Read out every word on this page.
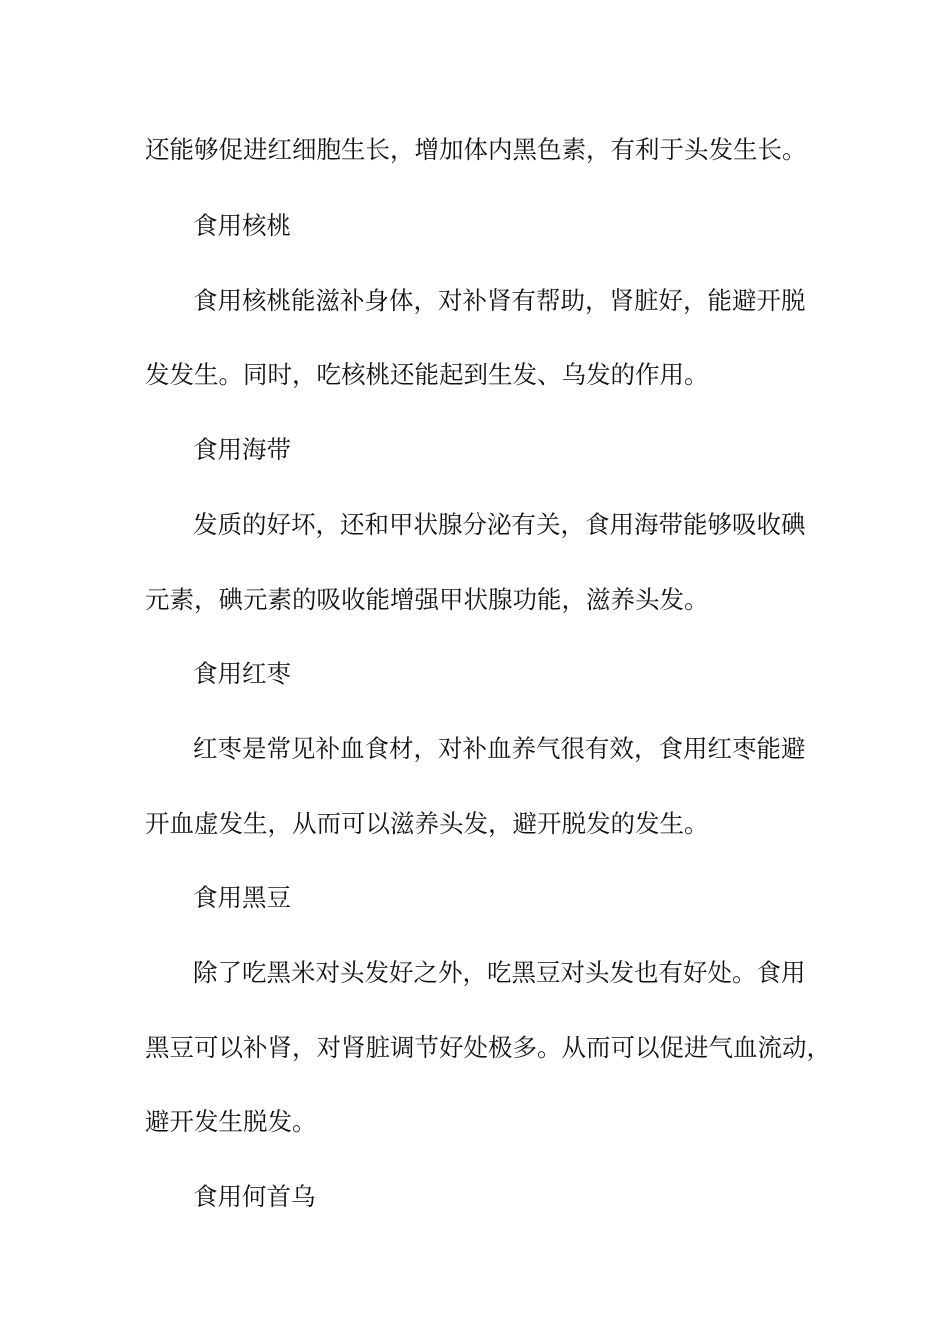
还能够促进红细胞生长，增加体内黑色素，有利于头发生长。
食用核桃
食用核桃能滋补身体，对补肾有帮助，肾脏好，能避开脱
发发生。同时，吃核桃还能起到生发、乌发的作用。
食用海带
发质的好坏，还和甲状腺分泌有关，食用海带能够吸收碘
元素，碘元素的吸收能增强甲状腺功能，滋养头发。
食用红枣
红枣是常见补血食材，对补血养气很有效，食用红枣能避
开血虚发生，从而可以滋养头发，避开脱发的发生。
食用黑豆
除了吃黑米对头发好之外，吃黑豆对头发也有好处。食用
黑豆可以补肾，对肾脏调节好处极多。从而可以促进气血流动，
避开发生脱发。
食用何首乌
